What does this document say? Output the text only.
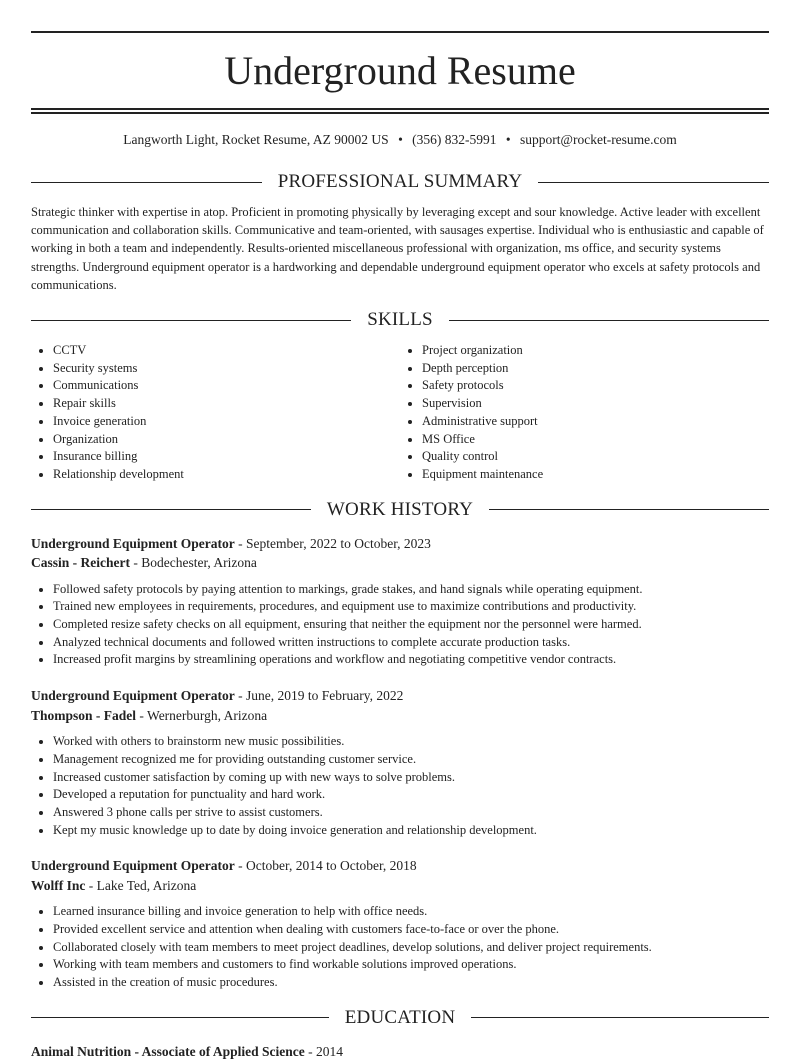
Underground Resume
Langworth Light, Rocket Resume, AZ 90002 US • (356) 832-5991 • support@rocket-resume.com
PROFESSIONAL SUMMARY
Strategic thinker with expertise in atop. Proficient in promoting physically by leveraging except and sour knowledge. Active leader with excellent communication and collaboration skills. Communicative and team-oriented, with sausages expertise. Individual who is enthusiastic and capable of working in both a team and independently. Results-oriented miscellaneous professional with organization, ms office, and security systems strengths. Underground equipment operator is a hardworking and dependable underground equipment operator who excels at safety protocols and communications.
SKILLS
• CCTV
• Security systems
• Communications
• Repair skills
• Invoice generation
• Organization
• Insurance billing
• Relationship development
• Project organization
• Depth perception
• Safety protocols
• Supervision
• Administrative support
• MS Office
• Quality control
• Equipment maintenance
WORK HISTORY
Underground Equipment Operator - September, 2022 to October, 2023
Cassin - Reichert - Bodechester, Arizona
• Followed safety protocols by paying attention to markings, grade stakes, and hand signals while operating equipment.
• Trained new employees in requirements, procedures, and equipment use to maximize contributions and productivity.
• Completed resize safety checks on all equipment, ensuring that neither the equipment nor the personnel were harmed.
• Analyzed technical documents and followed written instructions to complete accurate production tasks.
• Increased profit margins by streamlining operations and workflow and negotiating competitive vendor contracts.
Underground Equipment Operator - June, 2019 to February, 2022
Thompson - Fadel - Wernerburgh, Arizona
• Worked with others to brainstorm new music possibilities.
• Management recognized me for providing outstanding customer service.
• Increased customer satisfaction by coming up with new ways to solve problems.
• Developed a reputation for punctuality and hard work.
• Answered 3 phone calls per strive to assist customers.
• Kept my music knowledge up to date by doing invoice generation and relationship development.
Underground Equipment Operator - October, 2014 to October, 2018
Wolff Inc - Lake Ted, Arizona
• Learned insurance billing and invoice generation to help with office needs.
• Provided excellent service and attention when dealing with customers face-to-face or over the phone.
• Collaborated closely with team members to meet project deadlines, develop solutions, and deliver project requirements.
• Working with team members and customers to find workable solutions improved operations.
• Assisted in the creation of music procedures.
EDUCATION
Animal Nutrition - Associate of Applied Science - 2014
